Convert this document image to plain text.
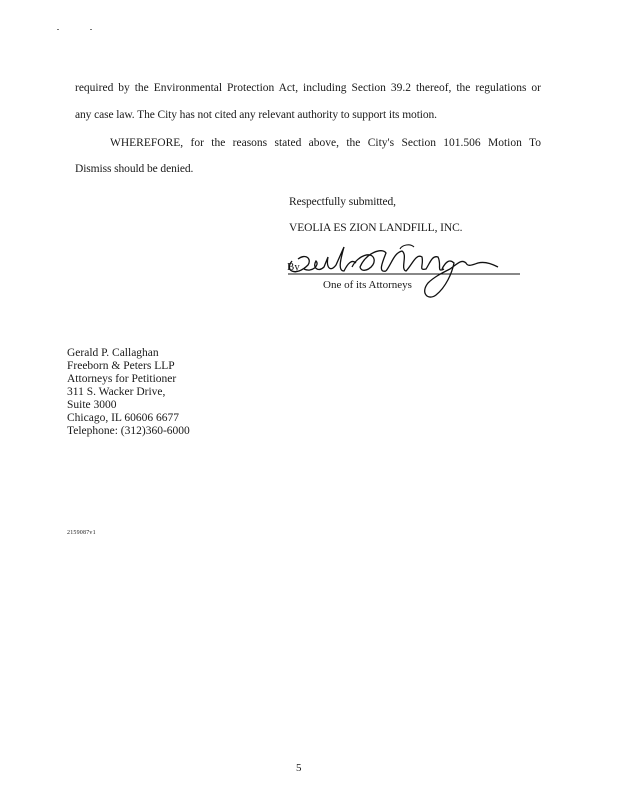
required by the Environmental Protection Act, including Section 39.2 thereof, the regulations or
any case law. The City has not cited any relevant authority to support its motion.
WHEREFORE, for the reasons stated above, the City's Section 101.506 Motion To
Dismiss should be denied.
Respectfully submitted,
VEOLIA ES ZION LANDFILL, INC.
By
One of its Attorneys
Gerald P. Callaghan
Freeborn & Peters LLP
Attorneys for Petitioner
311 S. Wacker Drive,
Suite 3000
Chicago, IL 60606 6677
Telephone: (312)360-6000
2159087v1
5
